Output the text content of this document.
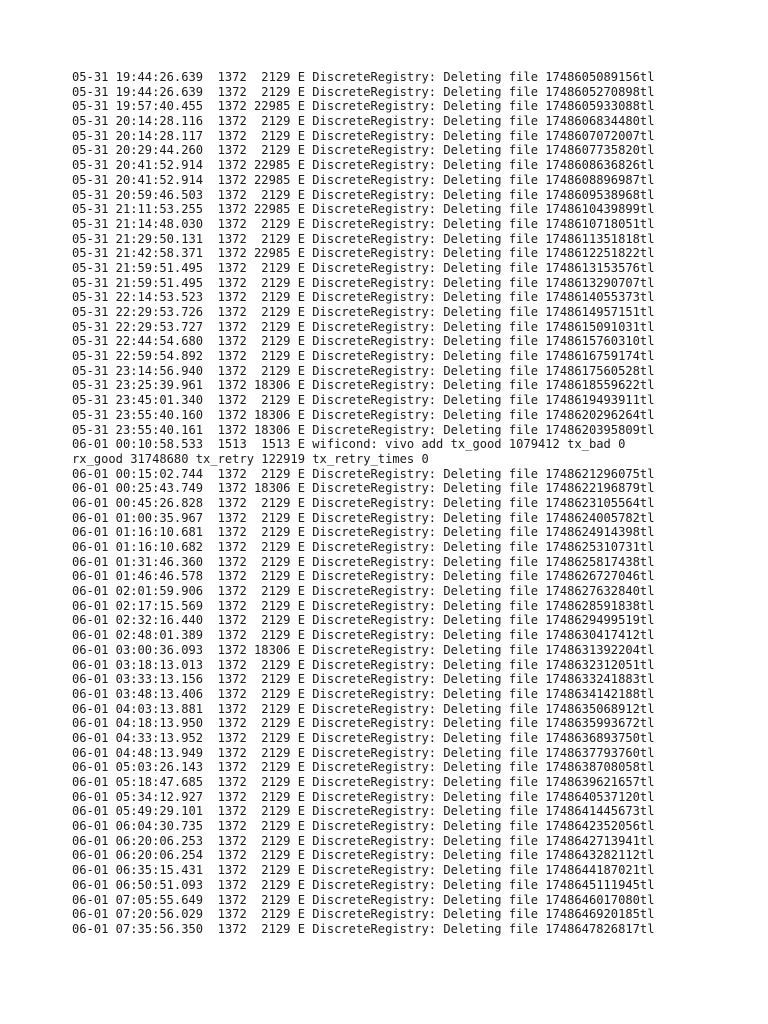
05-31 19:44:26.639  1372  2129 E DiscreteRegistry: Deleting file 1748605089156tl
05-31 19:44:26.639  1372  2129 E DiscreteRegistry: Deleting file 1748605270898tl
05-31 19:57:40.455  1372 22985 E DiscreteRegistry: Deleting file 1748605933088tl
05-31 20:14:28.116  1372  2129 E DiscreteRegistry: Deleting file 1748606834480tl
05-31 20:14:28.117  1372  2129 E DiscreteRegistry: Deleting file 1748607072007tl
05-31 20:29:44.260  1372  2129 E DiscreteRegistry: Deleting file 1748607735820tl
05-31 20:41:52.914  1372 22985 E DiscreteRegistry: Deleting file 1748608636826tl
05-31 20:41:52.914  1372 22985 E DiscreteRegistry: Deleting file 1748608896987tl
05-31 20:59:46.503  1372  2129 E DiscreteRegistry: Deleting file 1748609538968tl
05-31 21:11:53.255  1372 22985 E DiscreteRegistry: Deleting file 1748610439899tl
05-31 21:14:48.030  1372  2129 E DiscreteRegistry: Deleting file 1748610718051tl
05-31 21:29:50.131  1372  2129 E DiscreteRegistry: Deleting file 1748611351818tl
05-31 21:42:58.371  1372 22985 E DiscreteRegistry: Deleting file 1748612251822tl
05-31 21:59:51.495  1372  2129 E DiscreteRegistry: Deleting file 1748613153576tl
05-31 21:59:51.495  1372  2129 E DiscreteRegistry: Deleting file 1748613290707tl
05-31 22:14:53.523  1372  2129 E DiscreteRegistry: Deleting file 1748614055373tl
05-31 22:29:53.726  1372  2129 E DiscreteRegistry: Deleting file 1748614957151tl
05-31 22:29:53.727  1372  2129 E DiscreteRegistry: Deleting file 1748615091031tl
05-31 22:44:54.680  1372  2129 E DiscreteRegistry: Deleting file 1748615760310tl
05-31 22:59:54.892  1372  2129 E DiscreteRegistry: Deleting file 1748616759174tl
05-31 23:14:56.940  1372  2129 E DiscreteRegistry: Deleting file 1748617560528tl
05-31 23:25:39.961  1372 18306 E DiscreteRegistry: Deleting file 1748618559622tl
05-31 23:45:01.340  1372  2129 E DiscreteRegistry: Deleting file 1748619493911tl
05-31 23:55:40.160  1372 18306 E DiscreteRegistry: Deleting file 1748620296264tl
05-31 23:55:40.161  1372 18306 E DiscreteRegistry: Deleting file 1748620395809tl
06-01 00:10:58.533  1513  1513 E wificond: vivo add tx_good 1079412 tx_bad 0
rx_good 31748680 tx_retry 122919 tx_retry_times 0
06-01 00:15:02.744  1372  2129 E DiscreteRegistry: Deleting file 1748621296075tl
06-01 00:25:43.749  1372 18306 E DiscreteRegistry: Deleting file 1748622196879tl
06-01 00:45:26.828  1372  2129 E DiscreteRegistry: Deleting file 1748623105564tl
06-01 01:00:35.967  1372  2129 E DiscreteRegistry: Deleting file 1748624005782tl
06-01 01:16:10.681  1372  2129 E DiscreteRegistry: Deleting file 1748624914398tl
06-01 01:16:10.682  1372  2129 E DiscreteRegistry: Deleting file 1748625310731tl
06-01 01:31:46.360  1372  2129 E DiscreteRegistry: Deleting file 1748625817438tl
06-01 01:46:46.578  1372  2129 E DiscreteRegistry: Deleting file 1748626727046tl
06-01 02:01:59.906  1372  2129 E DiscreteRegistry: Deleting file 1748627632840tl
06-01 02:17:15.569  1372  2129 E DiscreteRegistry: Deleting file 1748628591838tl
06-01 02:32:16.440  1372  2129 E DiscreteRegistry: Deleting file 1748629499519tl
06-01 02:48:01.389  1372  2129 E DiscreteRegistry: Deleting file 1748630417412tl
06-01 03:00:36.093  1372 18306 E DiscreteRegistry: Deleting file 1748631392204tl
06-01 03:18:13.013  1372  2129 E DiscreteRegistry: Deleting file 1748632312051tl
06-01 03:33:13.156  1372  2129 E DiscreteRegistry: Deleting file 1748633241883tl
06-01 03:48:13.406  1372  2129 E DiscreteRegistry: Deleting file 1748634142188tl
06-01 04:03:13.881  1372  2129 E DiscreteRegistry: Deleting file 1748635068912tl
06-01 04:18:13.950  1372  2129 E DiscreteRegistry: Deleting file 1748635993672tl
06-01 04:33:13.952  1372  2129 E DiscreteRegistry: Deleting file 1748636893750tl
06-01 04:48:13.949  1372  2129 E DiscreteRegistry: Deleting file 1748637793760tl
06-01 05:03:26.143  1372  2129 E DiscreteRegistry: Deleting file 1748638708058tl
06-01 05:18:47.685  1372  2129 E DiscreteRegistry: Deleting file 1748639621657tl
06-01 05:34:12.927  1372  2129 E DiscreteRegistry: Deleting file 1748640537120tl
06-01 05:49:29.101  1372  2129 E DiscreteRegistry: Deleting file 1748641445673tl
06-01 06:04:30.735  1372  2129 E DiscreteRegistry: Deleting file 1748642352056tl
06-01 06:20:06.253  1372  2129 E DiscreteRegistry: Deleting file 1748642713941tl
06-01 06:20:06.254  1372  2129 E DiscreteRegistry: Deleting file 1748643282112tl
06-01 06:35:15.431  1372  2129 E DiscreteRegistry: Deleting file 1748644187021tl
06-01 06:50:51.093  1372  2129 E DiscreteRegistry: Deleting file 1748645111945tl
06-01 07:05:55.649  1372  2129 E DiscreteRegistry: Deleting file 1748646017080tl
06-01 07:20:56.029  1372  2129 E DiscreteRegistry: Deleting file 1748646920185tl
06-01 07:35:56.350  1372  2129 E DiscreteRegistry: Deleting file 1748647826817tl
